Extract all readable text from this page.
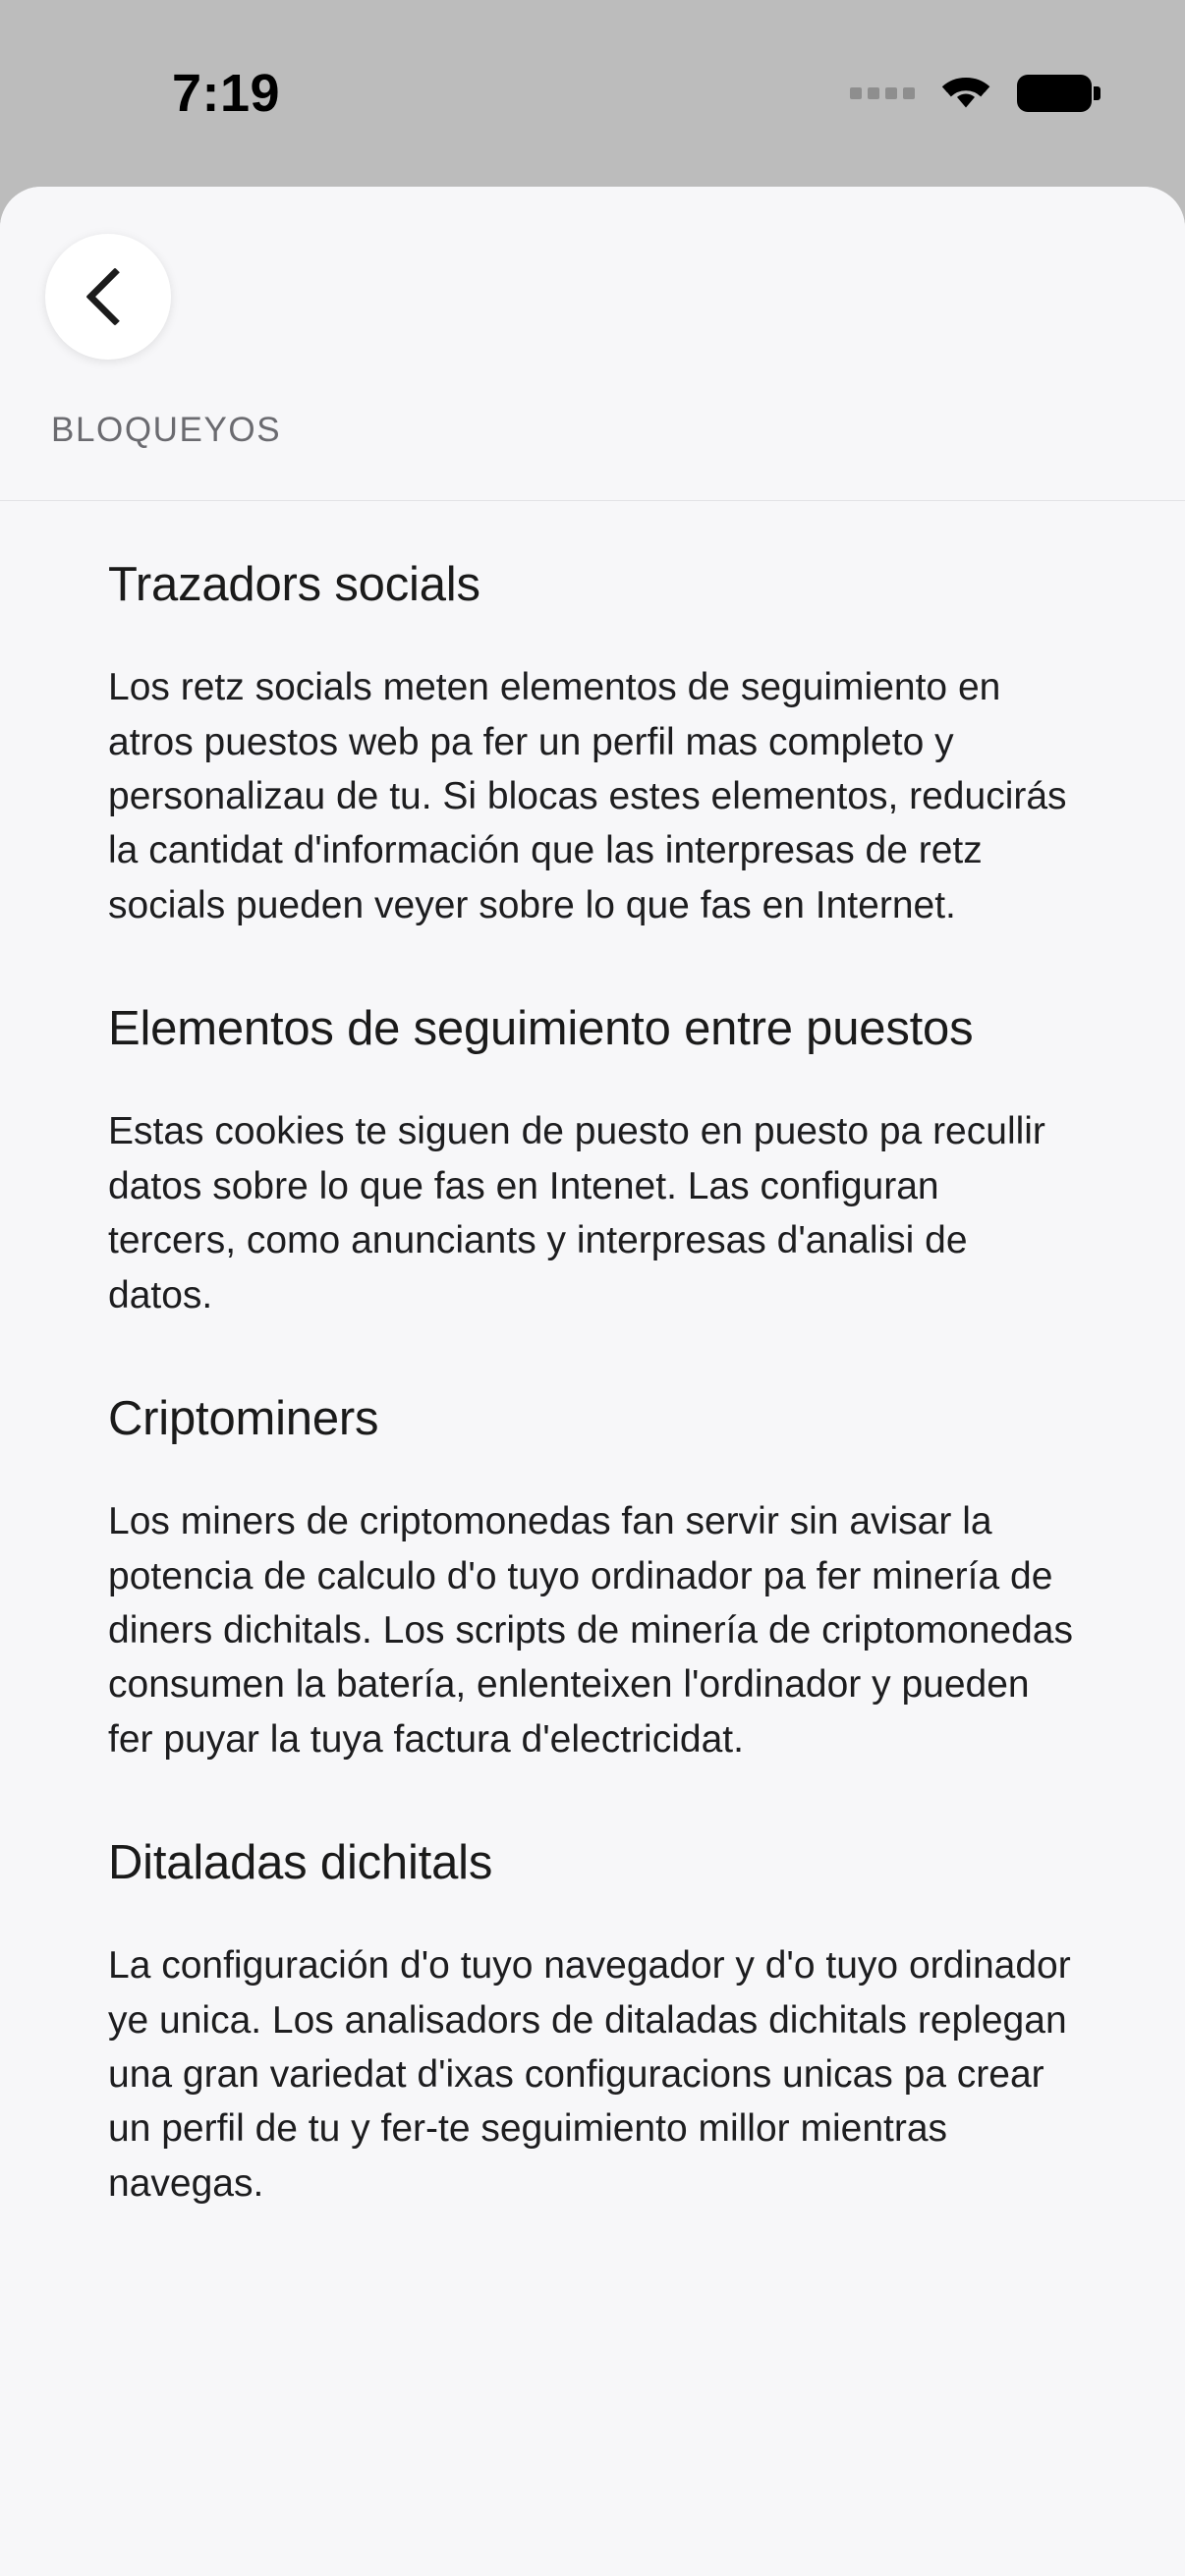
7:19
BLOQUEYOS
Trazadors socials

Los retz socials meten elementos de seguimiento en atros puestos web pa fer un perfil mas completo y personalizau de tu. Si blocas estes elementos, reducirás la cantidat d'información que las interpresas de retz socials pueden veyer sobre lo que fas en Internet.

Elementos de seguimiento entre puestos

Estas cookies te siguen de puesto en puesto pa recullir datos sobre lo que fas en Intenet. Las configuran tercers, como anunciants y interpresas d'analisi de datos.

Criptominers

Los miners de criptomonedas fan servir sin avisar la potencia de calculo d'o tuyo ordinador pa fer minería de diners dichitals. Los scripts de minería de criptomonedas consumen la batería, enlenteixen l'ordinador y pueden fer puyar la tuya factura d'electricidat.

Ditaladas dichitals

La configuración d'o tuyo navegador y d'o tuyo ordinador ye unica. Los analisadors de ditaladas dichitals replegan una gran variedat d'ixas configuracions unicas pa crear un perfil de tu y fer-te seguimiento millor mientras navegas.
